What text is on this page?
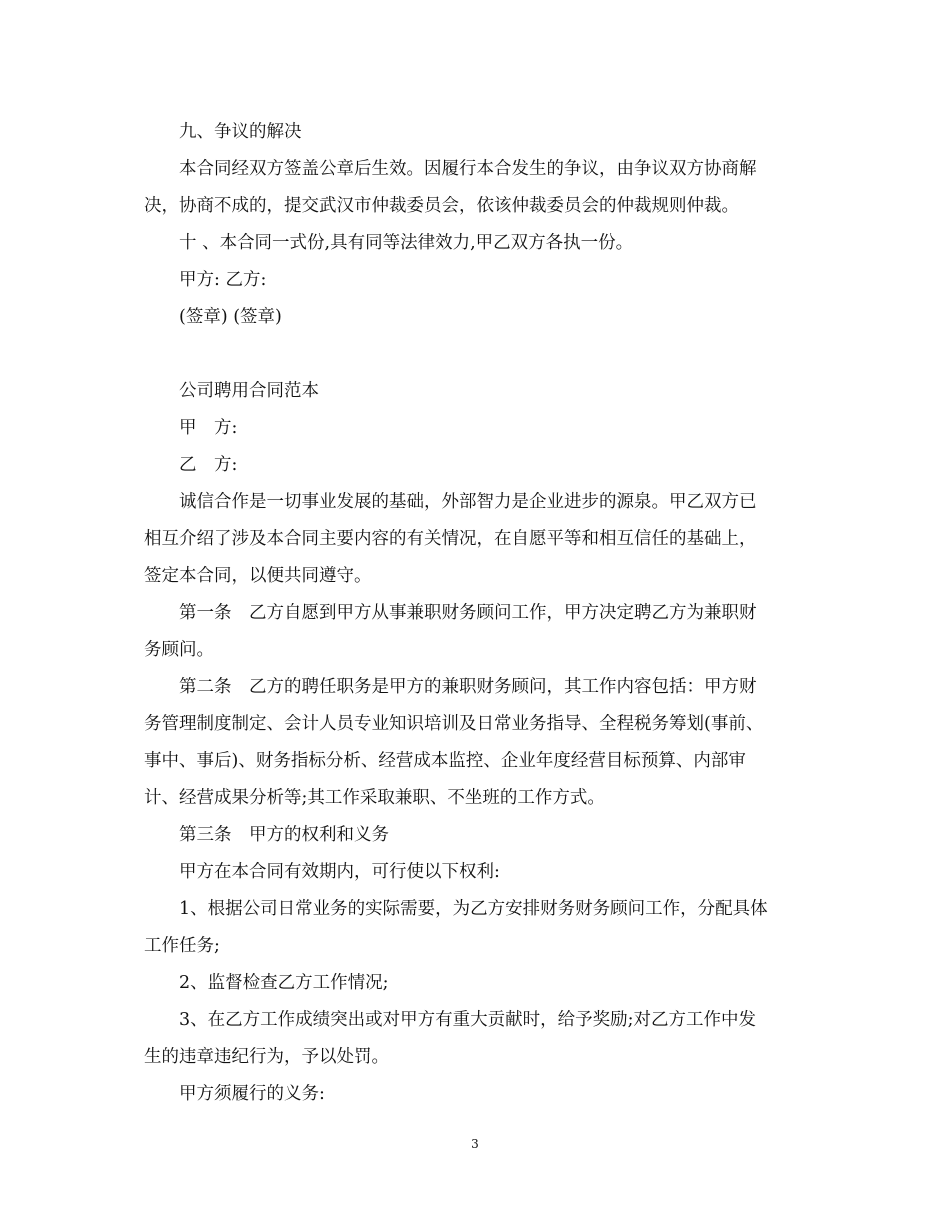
九、争议的解决
本合同经双方签盖公章后生效。因履行本合发生的争议，由争议双方协商解
决，协商不成的，提交武汉市仲裁委员会，依该仲裁委员会的仲裁规则仲裁。
十 、本合同一式份,具有同等法律效力,甲乙双方各执一份。
甲方: 乙方:
(签章) (签章)
公司聘用合同范本
甲　方:
乙　方:
诚信合作是一切事业发展的基础，外部智力是企业进步的源泉。甲乙双方已
相互介绍了涉及本合同主要内容的有关情况，在自愿平等和相互信任的基础上，
签定本合同，以便共同遵守。
第一条　乙方自愿到甲方从事兼职财务顾问工作，甲方决定聘乙方为兼职财
务顾问。
第二条　乙方的聘任职务是甲方的兼职财务顾问，其工作内容包括：甲方财
务管理制度制定、会计人员专业知识培训及日常业务指导、全程税务筹划(事前、
事中、事后)、财务指标分析、经营成本监控、企业年度经营目标预算、内部审
计、经营成果分析等;其工作采取兼职、不坐班的工作方式。
第三条　甲方的权利和义务
甲方在本合同有效期内，可行使以下权利:
1、根据公司日常业务的实际需要，为乙方安排财务财务顾问工作，分配具体
工作任务;
2、监督检查乙方工作情况;
3、在乙方工作成绩突出或对甲方有重大贡献时，给予奖励;对乙方工作中发
生的违章违纪行为，予以处罚。
甲方须履行的义务:
3
